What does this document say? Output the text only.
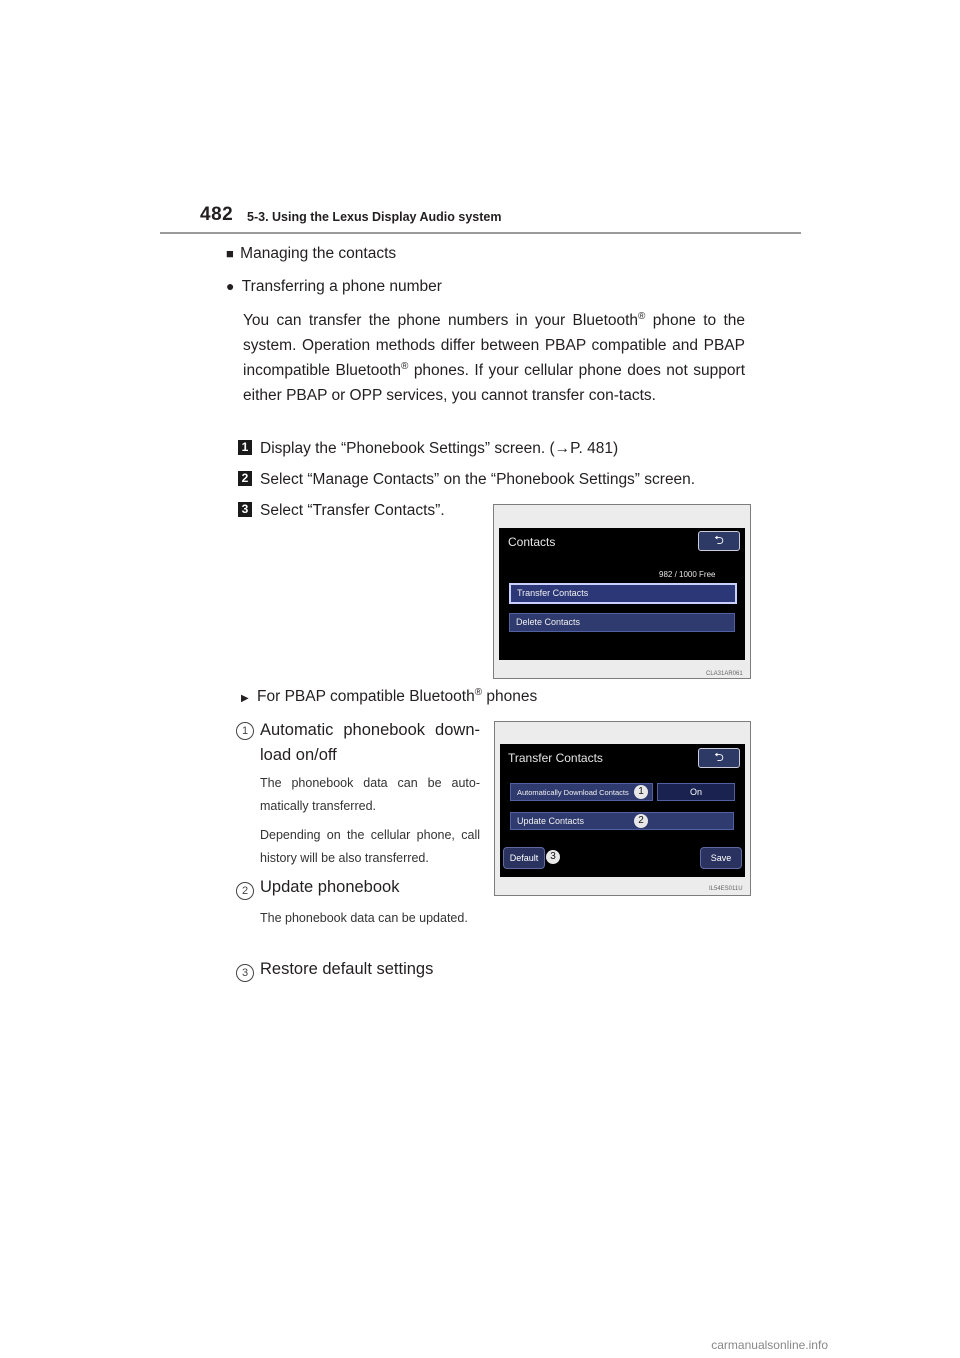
482 5-3. Using the Lexus Display Audio system
■ Managing the contacts
● Transferring a phone number
You can transfer the phone numbers in your Bluetooth® phone to the system. Operation methods differ between PBAP compatible and PBAP incompatible Bluetooth® phones. If your cellular phone does not support either PBAP or OPP services, you cannot transfer con-tacts.
1 Display the “Phonebook Settings” screen. (→P. 481)
2 Select “Manage Contacts” on the “Phonebook Settings” screen.
3 Select “Transfer Contacts”.
Contacts	⮌
982 / 1000 Free
Transfer Contacts
Delete Contacts
CLA31AR061
▶ For PBAP compatible Bluetooth® phones
Transfer Contacts	⮌
Automatically Download Contacts 1	On
Update Contacts	2
Default	3	Save
IL54ES011U
1 Automatic phonebook down-load on/off
The phonebook data can be auto-matically transferred.
Depending on the cellular phone, call history will be also transferred.
2 Update phonebook
The phonebook data can be updated.
3 Restore default settings
carmanualsonline.info
